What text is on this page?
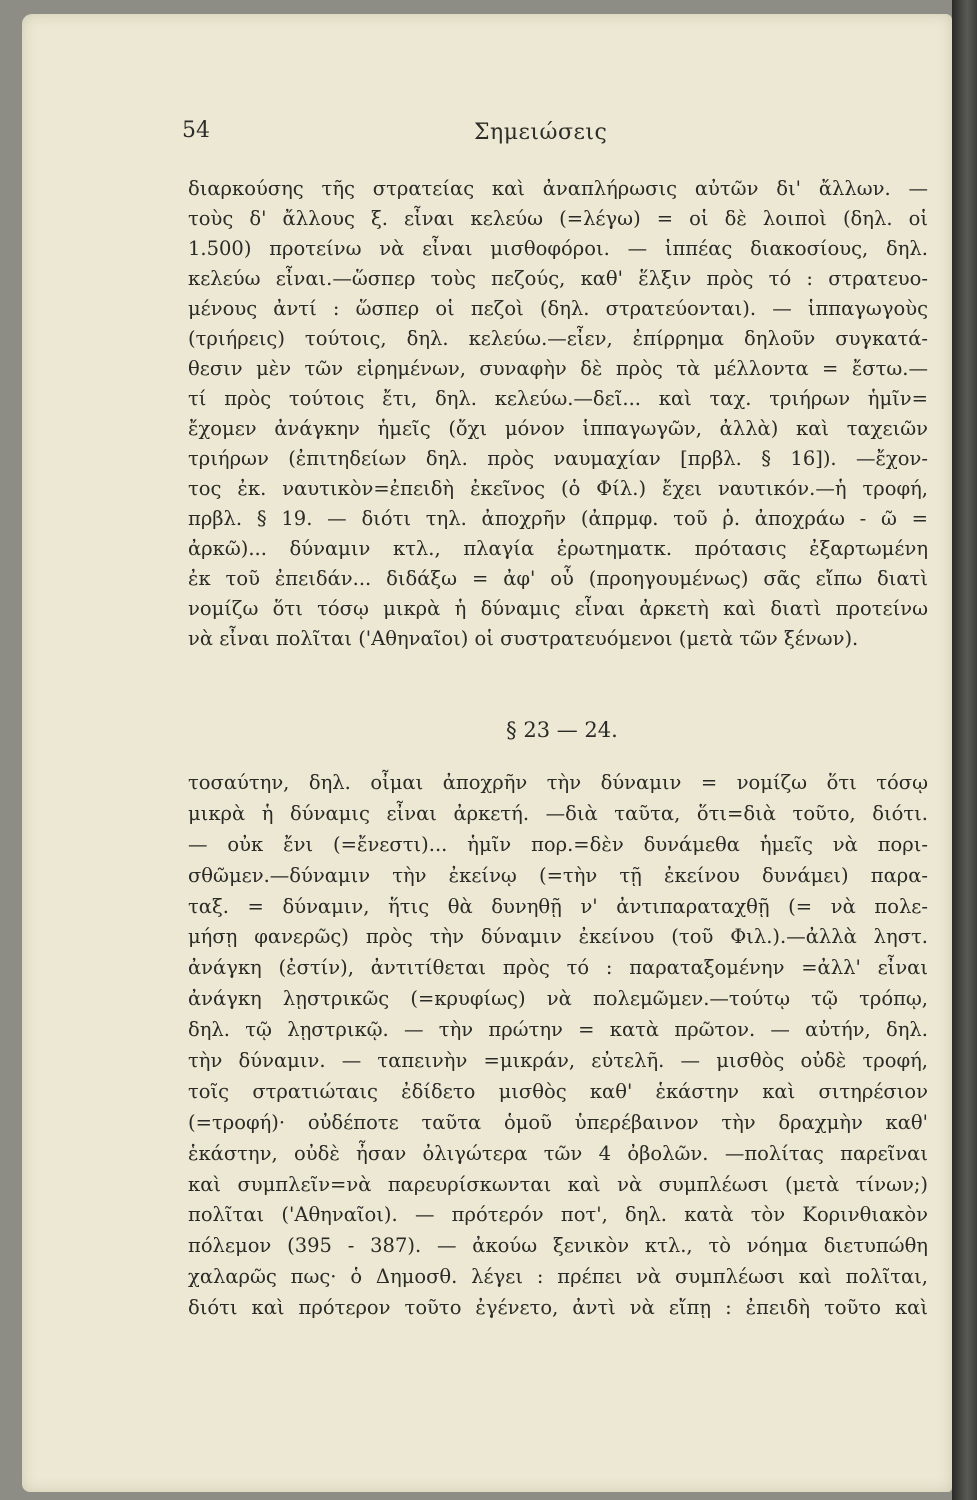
54	Σημειώσεις
διαρκούσης τῆς στρατείας καὶ ἀναπλήρωσις αὐτῶν δι' ἄλλων. —
τοὺς δ' ἄλλους ξ. εἶναι κελεύω (=λέγω) = οἱ δὲ λοιποὶ (δηλ. οἱ
1.500) προτείνω νὰ εἶναι μισθοφόροι. — ἱππέας διακοσίους, δηλ.
κελεύω εἶναι.—ὥσπερ τοὺς πεζούς, καθ' ἕλξιν πρὸς τό : στρατευο-
μένους ἀντί : ὥσπερ οἱ πεζοὶ (δηλ. στρατεύονται). — ἱππαγωγοὺς
(τριήρεις) τούτοις, δηλ. κελεύω.—εἶεν, ἐπίρρημα δηλοῦν συγκατά-
θεσιν μὲν τῶν εἰρημένων, συναφὴν δὲ πρὸς τὰ μέλλοντα = ἔστω.—
τί πρὸς τούτοις ἔτι, δηλ. κελεύω.—δεῖ... καὶ ταχ. τριήρων ἡμῖν=
ἔχομεν ἀνάγκην ἡμεῖς (ὄχι μόνον ἱππαγωγῶν, ἀλλὰ) καὶ ταχειῶν
τριήρων (ἐπιτηδείων δηλ. πρὸς ναυμαχίαν [πρβλ. § 16]). —ἔχον-
τος ἐκ. ναυτικὸν=ἐπειδὴ ἐκεῖνος (ὁ Φίλ.) ἔχει ναυτικόν.—ἡ τροφή,
πρβλ. § 19. — διότι τηλ. ἀποχρῆν (ἀπρμφ. τοῦ ῥ. ἀποχράω - ῶ =
ἀρκῶ)... δύναμιν κτλ., πλαγία ἐρωτηματκ. πρότασις ἐξαρτωμένη
ἐκ τοῦ ἐπειδάν... διδάξω = ἀφ' οὗ (προηγουμένως) σᾶς εἴπω διατὶ
νομίζω ὅτι τόσῳ μικρὰ ἡ δύναμις εἶναι ἀρκετὴ καὶ διατὶ προτείνω
νὰ εἶναι πολῖται ('Αθηναῖοι) οἱ συστρατευόμενοι (μετὰ τῶν ξένων).
§ 23 — 24.
τοσαύτην, δηλ. οἶμαι ἀποχρῆν τὴν δύναμιν = νομίζω ὅτι τόσῳ
μικρὰ ἡ δύναμις εἶναι ἀρκετή. —διὰ ταῦτα, ὅτι=διὰ τοῦτο, διότι.
— οὐκ ἔνι (=ἔνεστι)... ἡμῖν πορ.=δὲν δυνάμεθα ἡμεῖς νὰ πορι-
σθῶμεν.—δύναμιν τὴν ἐκείνῳ (=τὴν τῇ ἐκείνου δυνάμει) παρα-
ταξ. = δύναμιν, ἥτις θὰ δυνηθῇ ν' ἀντιπαραταχθῇ (= νὰ πολε-
μήσῃ φανερῶς) πρὸς τὴν δύναμιν ἐκείνου (τοῦ Φιλ.).—ἀλλὰ ληστ.
ἀνάγκη (ἐστίν), ἀντιτίθεται πρὸς τό : παραταξομένην =ἀλλ' εἶναι
ἀνάγκη λῃστρικῶς (=κρυφίως) νὰ πολεμῶμεν.—τούτῳ τῷ τρόπῳ,
δηλ. τῷ λῃστρικῷ. — τὴν πρώτην = κατὰ πρῶτον. — αὐτήν, δηλ.
τὴν δύναμιν. — ταπεινὴν =μικράν, εὐτελῆ. — μισθὸς οὐδὲ τροφή,
τοῖς στρατιώταις ἐδίδετο μισθὸς καθ' ἑκάστην καὶ σιτηρέσιον
(=τροφή)· οὐδέποτε ταῦτα ὁμοῦ ὑπερέβαινον τὴν δραχμὴν καθ'
ἑκάστην, οὐδὲ ἦσαν ὀλιγώτερα τῶν 4 ὀβολῶν. —πολίτας παρεῖναι
καὶ συμπλεῖν=νὰ παρευρίσκωνται καὶ νὰ συμπλέωσι (μετὰ τίνων;)
πολῖται ('Αθηναῖοι). — πρότερόν ποτ', δηλ. κατὰ τὸν Κορινθιακὸν
πόλεμον (395 - 387). — ἀκούω ξενικὸν κτλ., τὸ νόημα διετυπώθη
χαλαρῶς πως· ὁ Δημοσθ. λέγει : πρέπει νὰ συμπλέωσι καὶ πολῖται,
διότι καὶ πρότερον τοῦτο ἐγένετο, ἀντὶ νὰ εἴπῃ : ἐπειδὴ τοῦτο καὶ
